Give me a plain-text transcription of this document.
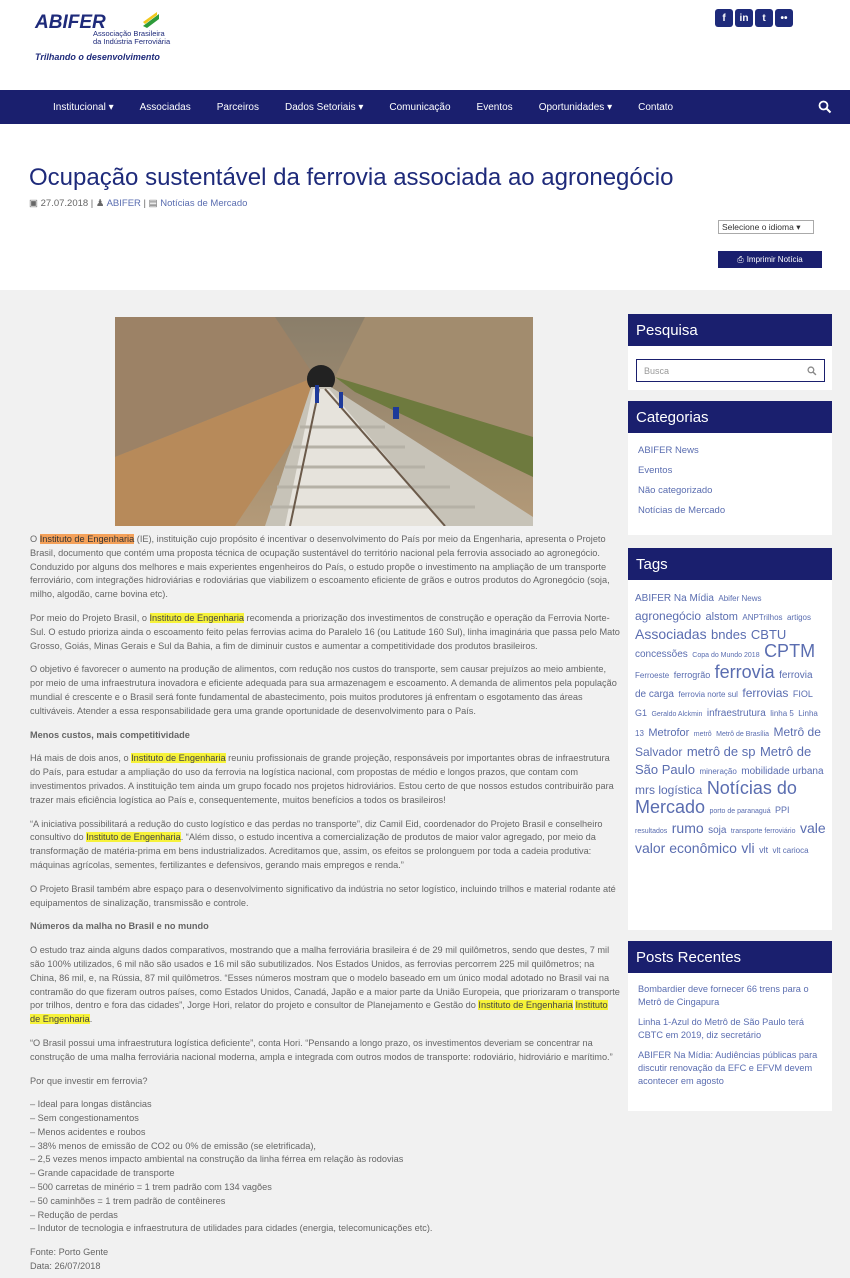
ABIFER
Associação Brasileira
da Indústria Ferroviária
Trilhando o desenvolvimento
f	in	t	••
Institucional ▾	Associadas	Parceiros	Dados Setoriais ▾	Comunicação	Eventos	Oportunidades ▾	Contato
Ocupação sustentável da ferrovia associada ao agronegócio
▣ 27.07.2018 | ♟ ABIFER | ▤ Notícias de Mercado
Selecione o idioma ▾
⎙ Imprimir Notícia

O Instituto de Engenharia (IE), instituição cujo propósito é incentivar o desenvolvimento do País por meio da Engenharia, apresenta o Projeto Brasil, documento que contém uma proposta técnica de ocupação sustentável do território nacional pela ferrovia associado ao agronegócio. Conduzido por alguns dos melhores e mais experientes engenheiros do País, o estudo propõe o investimento na ampliação de um transporte ferroviário, com integrações hidroviárias e rodoviárias que viabilizem o escoamento eficiente de grãos e outros produtos do Agronegócio (soja, milho, algodão, carne bovina etc).

Por meio do Projeto Brasil, o Instituto de Engenharia recomenda a priorização dos investimentos de construção e operação da Ferrovia Norte-Sul. O estudo prioriza ainda o escoamento feito pelas ferrovias acima do Paralelo 16 (ou Latitude 160 Sul), linha imaginária que passa pelo Mato Grosso, Goiás, Minas Gerais e Sul da Bahia, a fim de diminuir custos e aumentar a competitividade dos produtos brasileiros.

O objetivo é favorecer o aumento na produção de alimentos, com redução nos custos do transporte, sem causar prejuízos ao meio ambiente, por meio de uma infraestrutura inovadora e eficiente adequada para sua armazenagem e escoamento. A demanda de alimentos pela população mundial é crescente e o Brasil será fonte fundamental de abastecimento, pois muitos produtores já enfrentam o esgotamento das áreas cultiváveis. Atender a essa responsabilidade gera uma grande oportunidade de desenvolvimento para o País.

Menos custos, mais competitividade

Há mais de dois anos, o Instituto de Engenharia reuniu profissionais de grande projeção, responsáveis por importantes obras de infraestrutura do País, para estudar a ampliação do uso da ferrovia na logística nacional, com propostas de médio e longos prazos, que contam com investimentos privados. A instituição tem ainda um grupo focado nos projetos hidroviários. Estou certo de que nossos estudos contribuirão para trazer mais eficiência logística ao País e, consequentemente, muitos benefícios a todos os brasileiros!

“A iniciativa possibilitará a redução do custo logístico e das perdas no transporte”, diz Camil Eid, coordenador do Projeto Brasil e conselheiro consultivo do Instituto de Engenharia. “Além disso, o estudo incentiva a comercialização de produtos de maior valor agregado, por meio da transformação de matéria-prima em bens industrializados. Acreditamos que, assim, os efeitos se prolonguem por toda a cadeia produtiva: máquinas agrícolas, sementes, fertilizantes e defensivos, gerando mais empregos e renda.”

O Projeto Brasil também abre espaço para o desenvolvimento significativo da indústria no setor logístico, incluindo trilhos e material rodante até equipamentos de sinalização, transmissão e controle.

Números da malha no Brasil e no mundo

O estudo traz ainda alguns dados comparativos, mostrando que a malha ferroviária brasileira é de 29 mil quilômetros, sendo que destes, 7 mil são 100% utilizados, 6 mil não são usados e 16 mil são subutilizados. Nos Estados Unidos, as ferrovias percorrem 225 mil quilômetros; na China, 86 mil, e, na Rússia, 87 mil quilômetros. “Esses números mostram que o modelo baseado em um único modal adotado no Brasil vai na contramão do que fizeram outros países, como Estados Unidos, Canadá, Japão e a maior parte da União Europeia, que priorizaram o transporte por trilhos, dentro e fora das cidades”, Jorge Hori, relator do projeto e consultor de Planejamento e Gestão do Instituto de Engenharia Instituto de Engenharia.

“O Brasil possui uma infraestrutura logística deficiente”, conta Hori. “Pensando a longo prazo, os investimentos deveriam se concentrar na construção de uma malha ferroviária nacional moderna, ampla e integrada com outros modos de transporte: rodoviário, hidroviário e marítimo.”

Por que investir em ferrovia?

– Ideal para longas distâncias
– Sem congestionamentos
– Menos acidentes e roubos
– 38% menos de emissão de CO2 ou 0% de emissão (se eletrificada),
– 2,5 vezes menos impacto ambiental na construção da linha férrea em relação às rodovias
– Grande capacidade de transporte
– 500 carretas de minério = 1 trem padrão com 134 vagões
– 50 caminhões = 1 trem padrão de contêineres
– Redução de perdas
– Indutor de tecnologia e infraestrutura de utilidades para cidades (energia, telecomunicações etc).
Fonte: Porto Gente
Data: 26/07/2018
Pesquisa
Busca
Categorias
ABIFER News
Eventos
Não categorizado
Notícias de Mercado
Tags
ABIFER Na Mídia Abifer News agronegócio alstom ANPTrilhos artigos Associadas bndes CBTU concessões Copa do Mundo 2018 CPTM Ferroeste ferrogrão ferrovia ferrovia de carga ferrovia norte sul ferrovias FIOL G1 Geraldo Alckmin infraestrutura linha 5 Linha 13 Metrofor metrô Metrô de Brasília Metrô de Salvador metrô de sp Metrô de São Paulo mineração mobilidade urbana mrs logística Notícias do Mercado porto de paranaguá PPI resultados rumo soja transporte ferroviário vale valor econômico vli vlt vlt carioca
Posts Recentes
Bombardier deve fornecer 66 trens para o Metrô de Cingapura
Linha 1-Azul do Metrô de São Paulo terá CBTC em 2019, diz secretário
ABIFER Na Mídia: Audiências públicas para discutir renovação da EFC e EFVM devem acontecer em agosto
